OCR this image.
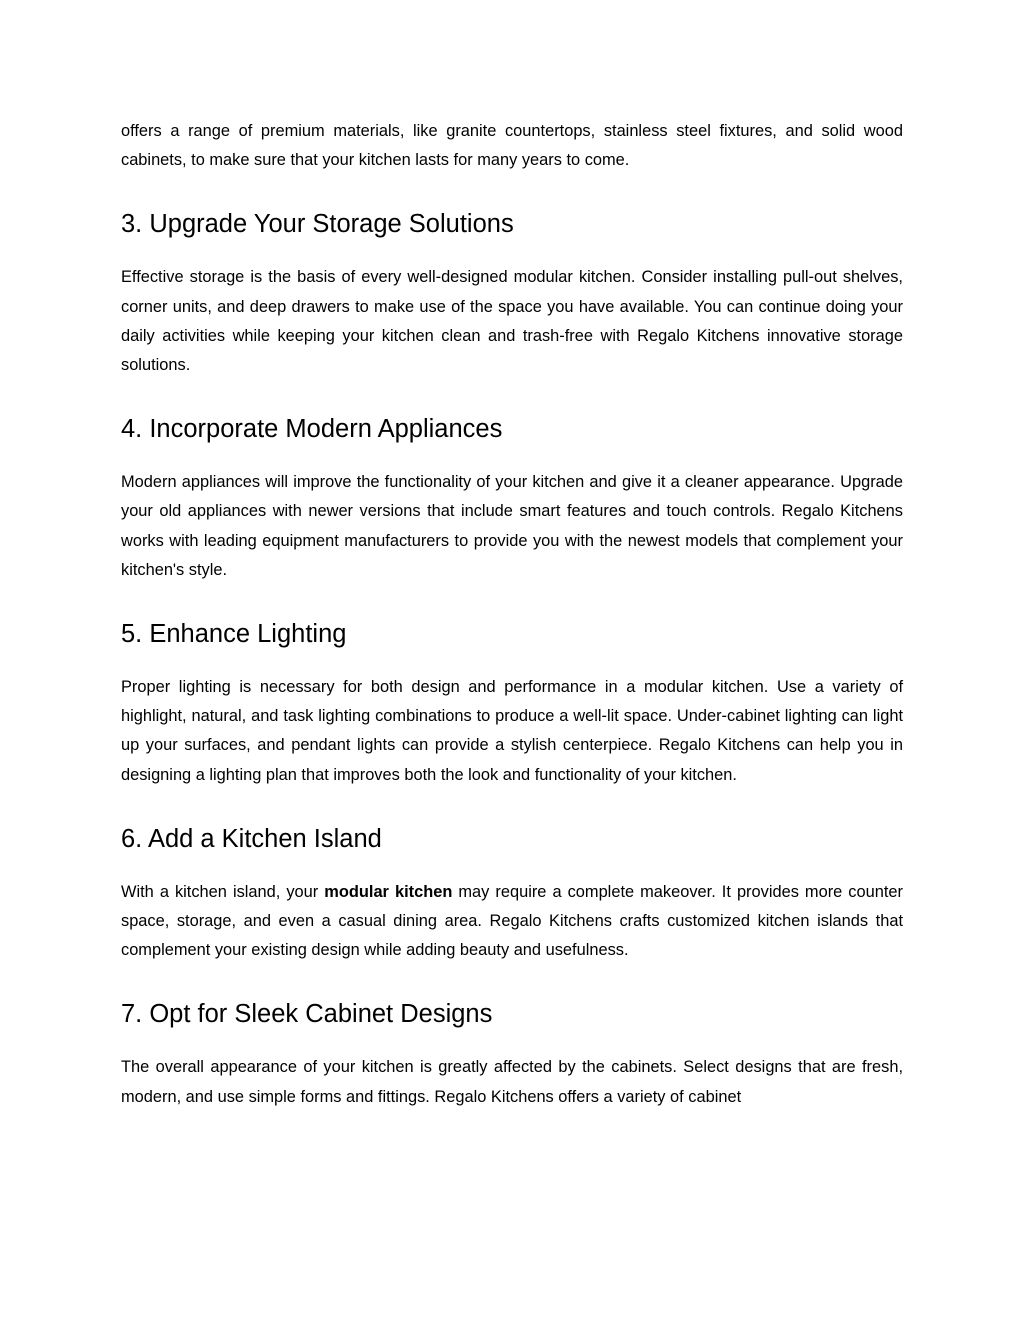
offers a range of premium materials, like granite countertops, stainless steel fixtures, and solid wood cabinets, to make sure that your kitchen lasts for many years to come.

3. Upgrade Your Storage Solutions

Effective storage is the basis of every well-designed modular kitchen. Consider installing pull-out shelves, corner units, and deep drawers to make use of the space you have available. You can continue doing your daily activities while keeping your kitchen clean and trash-free with Regalo Kitchens innovative storage solutions.

4. Incorporate Modern Appliances

Modern appliances will improve the functionality of your kitchen and give it a cleaner appearance. Upgrade your old appliances with newer versions that include smart features and touch controls. Regalo Kitchens works with leading equipment manufacturers to provide you with the newest models that complement your kitchen's style.

5. Enhance Lighting

Proper lighting is necessary for both design and performance in a modular kitchen. Use a variety of highlight, natural, and task lighting combinations to produce a well-lit space. Under-cabinet lighting can light up your surfaces, and pendant lights can provide a stylish centerpiece. Regalo Kitchens can help you in designing a lighting plan that improves both the look and functionality of your kitchen.

6. Add a Kitchen Island

With a kitchen island, your modular kitchen may require a complete makeover. It provides more counter space, storage, and even a casual dining area. Regalo Kitchens crafts customized kitchen islands that complement your existing design while adding beauty and usefulness.

7. Opt for Sleek Cabinet Designs

The overall appearance of your kitchen is greatly affected by the cabinets. Select designs that are fresh, modern, and use simple forms and fittings. Regalo Kitchens offers a variety of cabinet
